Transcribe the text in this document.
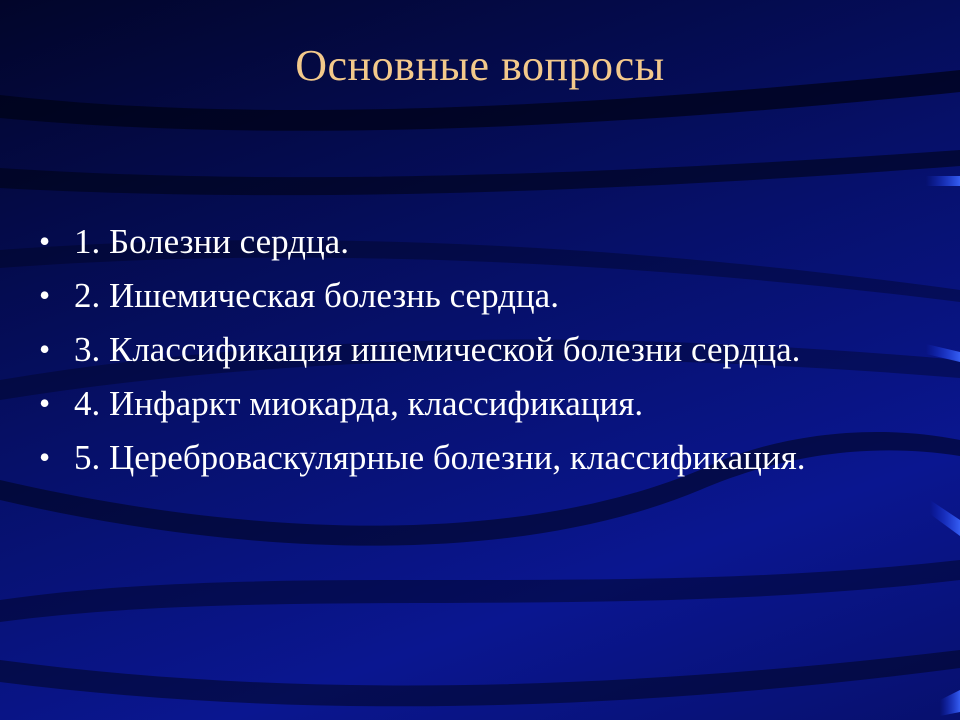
Основные вопросы
• 1. Болезни сердца.
• 2. Ишемическая болезнь сердца.
• 3. Классификация ишемической болезни сердца.
• 4. Инфаркт миокарда, классификация.
• 5. Цереброваскулярные болезни, классификация.
